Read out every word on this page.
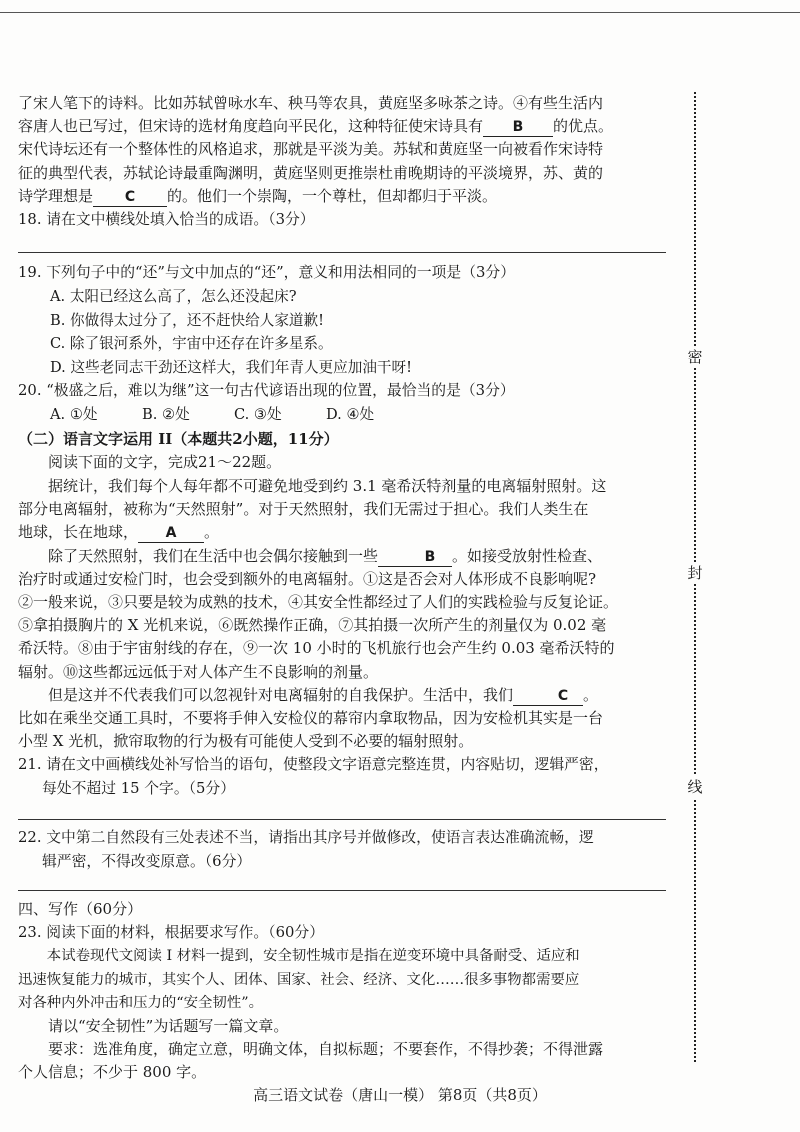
了宋人笔下的诗料。比如苏轼曾咏水车、秧马等农具，黄庭坚多咏茶之诗。④有些生活内

容唐人也已写过，但宋诗的选材角度趋向平民化，这种特征使宋诗具有 B 的优点。

宋代诗坛还有一个整体性的风格追求，那就是平淡为美。苏轼和黄庭坚一向被看作宋诗特

征的典型代表，苏轼论诗最重陶渊明，黄庭坚则更推崇杜甫晚期诗的平淡境界，苏、黄的

诗学理想是 C 的。他们一个崇陶，一个尊杜，但却都归于平淡。

18. 请在文中横线处填入恰当的成语。（3分）

19. 下列句子中的“还”与文中加点的“还”，意义和用法相同的一项是（3分）

A. 太阳已经这么高了，怎么还没起床?

B. 你做得太过分了，还不赶快给人家道歉!

C. 除了银河系外，宇宙中还存在许多星系。

D. 这些老同志干劲还这样大，我们年青人更应加油干呀!

20. “极盛之后，难以为继”这一句古代谚语出现的位置，最恰当的是（3分）

A. ①处	B. ②处	C. ③处	D. ④处

（二）语言文字运用 II（本题共2小题，11分）

阅读下面的文字，完成21～22题。

据统计，我们每个人每年都不可避免地受到约 3.1 毫希沃特剂量的电离辐射照射。这

部分电离辐射，被称为“天然照射”。对于天然照射，我们无需过于担心。我们人类生在

地球，长在地球， A 。

除了天然照射，我们在生活中也会偶尔接触到一些	B 。如接受放射性检查、

治疗时或通过安检门时，也会受到额外的电离辐射。①这是否会对人体形成不良影响呢?

②一般来说，③只要是较为成熟的技术，④其安全性都经过了人们的实践检验与反复论证。

⑤拿拍摄胸片的 X 光机来说，⑥既然操作正确，⑦其拍摄一次所产生的剂量仅为 0.02 毫

希沃特。⑧由于宇宙射线的存在，⑨一次 10 小时的飞机旅行也会产生约 0.03 毫希沃特的

辐射。⑩这些都远远低于对人体产生不良影响的剂量。

但是这并不代表我们可以忽视针对电离辐射的自我保护。生活中，我们	C 。

比如在乘坐交通工具时，不要将手伸入安检仪的幕帘内拿取物品，因为安检机其实是一台

小型 X 光机，掀帘取物的行为极有可能使人受到不必要的辐射照射。

21. 请在文中画横线处补写恰当的语句，使整段文字语意完整连贯，内容贴切，逻辑严密，

每处不超过 15 个字。（5分）

22. 文中第二自然段有三处表述不当，请指出其序号并做修改，使语言表达准确流畅，逻

辑严密，不得改变原意。（6分）

四、写作（60分）

23. 阅读下面的材料，根据要求写作。（60分）

本试卷现代文阅读 I 材料一提到，安全韧性城市是指在逆变环境中具备耐受、适应和

迅速恢复能力的城市，其实个人、团体、国家、社会、经济、文化……很多事物都需要应

对各种内外冲击和压力的“安全韧性”。

请以“安全韧性”为话题写一篇文章。

要求：选准角度，确定立意，明确文体，自拟标题；不要套作，不得抄袭；不得泄露

个人信息；不少于 800 字。

密
封
线
高三语文试卷（唐山一模） 第8页（共8页）
